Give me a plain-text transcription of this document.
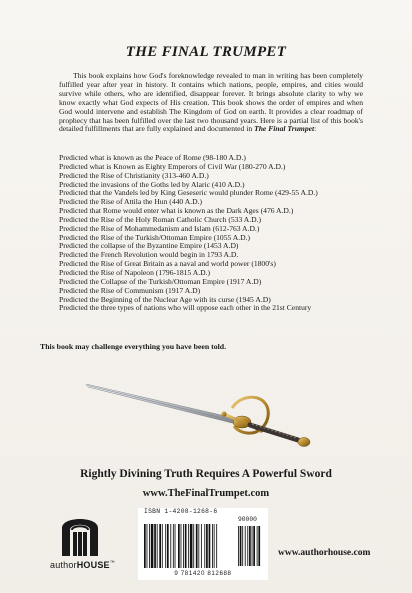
THE FINAL TRUMPET

This book explains how God's foreknowledge revealed to man in writing has been completely fulfilled year after year in history. It contains which nations, people, empires, and cities would survive while others, who are identified, disappear forever. It brings absolute clarity to why we know exactly what God expects of His creation. This book shows the order of empires and when God would intervene and establish The Kingdom of God on earth. It provides a clear roadmap of prophecy that has been fulfilled over the last two thousand years. Here is a partial list of this book's detailed fulfillments that are fully explained and documented in The Final Trumpet:

Predicted what is known as the Peace of Rome (98-180 A.D.)
Predicted what is Known as Eighty Emperors of Civil War (180-270 A.D.)
Predicted the Rise of Christianity (313-460 A.D.)
Predicted the invasions of the Goths led by Alaric (410 A.D.)
Predicted that the Vandels led by King Geseseric would plunder Rome (429-55 A.D.)
Predicted the Rise of Attila the Hun (440 A.D.)
Predicted that Rome would enter what is known as the Dark Ages (476 A.D.)
Predicted the Rise of the Holy Roman Catholic Church (533 A.D.)
Predicted the Rise of Mohammedanism and Islam (612-763 A.D.)
Predicted the Rise of the Turkish/Ottoman Empire (1055 A.D.)
Predicted the collapse of the Byzantine Empire (1453 A.D)
Predicted the French Revolution would begin in 1793 A.D.
Predicted the Rise of Great Britain as a naval and world power (1800's)
Predicted the Rise of Napoleon (1796-1815 A.D.)
Predicted the Collapse of the Turkish/Ottoman Empire (1917 A.D)
Predicted the Rise of Communism (1917 A.D)
Predicted the Beginning of the Nuclear Age with its curse (1945 A.D)
Predicted the three types of nations who will oppose each other in the 21st Century
This book may challenge everything you have been told.
Rightly Divining Truth Requires A Powerful Sword
www.TheFinalTrumpet.com
authorHOUSE™
ISBN 1-4208-1268-6
90000
9 781420 812688
www.authorhouse.com
